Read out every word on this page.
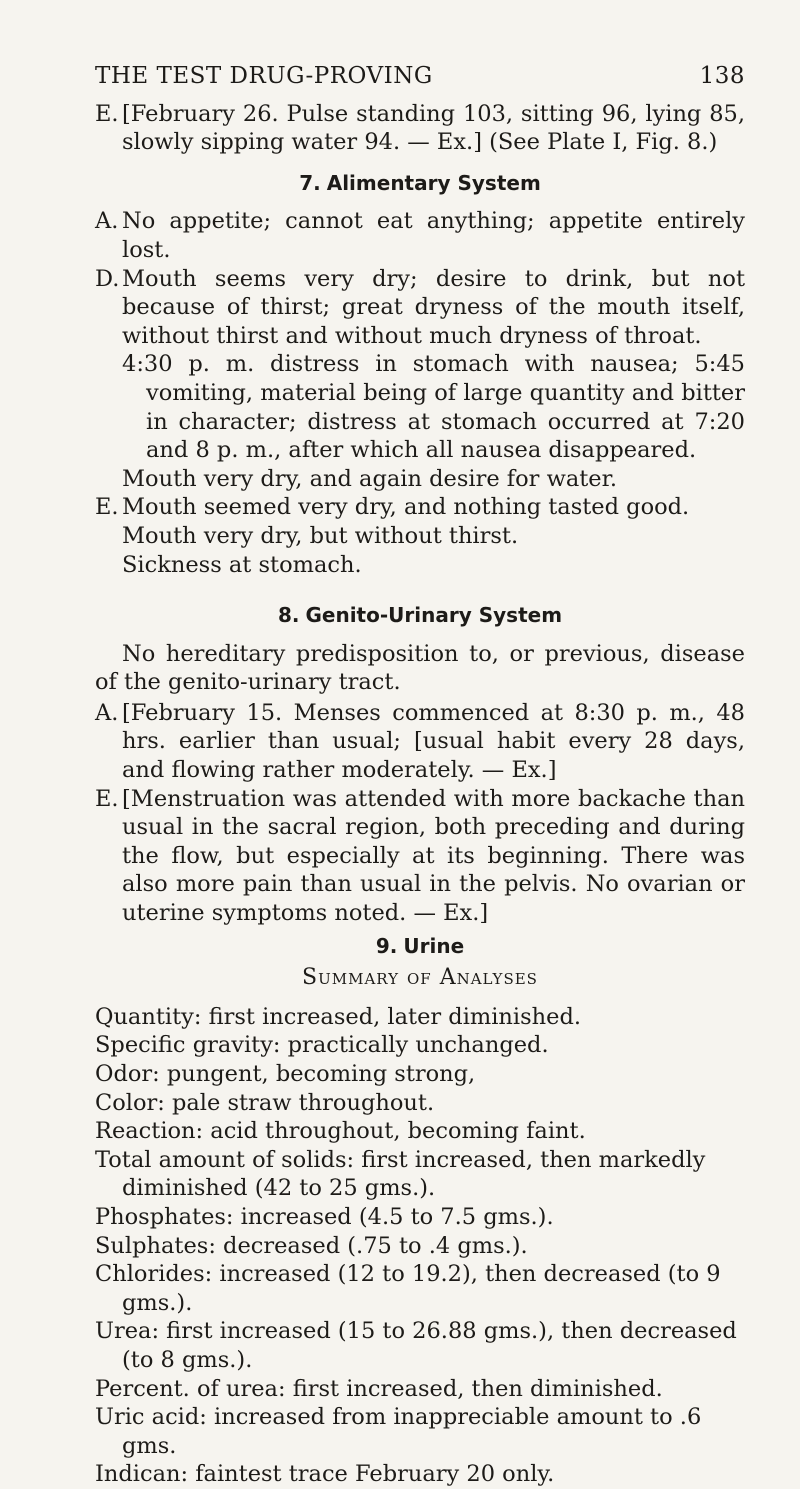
THE TEST DRUG-PROVING	138
E. [February 26. Pulse standing 103, sitting 96, lying 85, slowly sipping water 94. — Ex.] (See Plate I, Fig. 8.)
7. Alimentary System
A. No appetite; cannot eat anything; appetite entirely lost.
D. Mouth seems very dry; desire to drink, but not because of thirst; great dryness of the mouth itself, without thirst and without much dryness of throat.
4:30 p. m. distress in stomach with nausea; 5:45 vomiting, material being of large quantity and bitter in character; distress at stomach occurred at 7:20 and 8 p. m., after which all nausea disappeared.
Mouth very dry, and again desire for water.
E. Mouth seemed very dry, and nothing tasted good.
Mouth very dry, but without thirst.
Sickness at stomach.
8. Genito-Urinary System
No hereditary predisposition to, or previous, disease of the genito-urinary tract.
A. [February 15. Menses commenced at 8:30 p. m., 48 hrs. earlier than usual; [usual habit every 28 days, and flowing rather moderately. — Ex.]
E. [Menstruation was attended with more backache than usual in the sacral region, both preceding and during the flow, but especially at its beginning. There was also more pain than usual in the pelvis. No ovarian or uterine symptoms noted. — Ex.]
9. Urine
Summary of Analyses
Quantity: first increased, later diminished.
Specific gravity: practically unchanged.
Odor: pungent, becoming strong,
Color: pale straw throughout.
Reaction: acid throughout, becoming faint.
Total amount of solids: first increased, then markedly diminished (42 to 25 gms.).
Phosphates: increased (4.5 to 7.5 gms.).
Sulphates: decreased (.75 to .4 gms.).
Chlorides: increased (12 to 19.2), then decreased (to 9 gms.).
Urea: first increased (15 to 26.88 gms.), then decreased (to 8 gms.).
Percent. of urea: first increased, then diminished.
Uric acid: increased from inappreciable amount to .6 gms.
Indican: faintest trace February 20 only.
